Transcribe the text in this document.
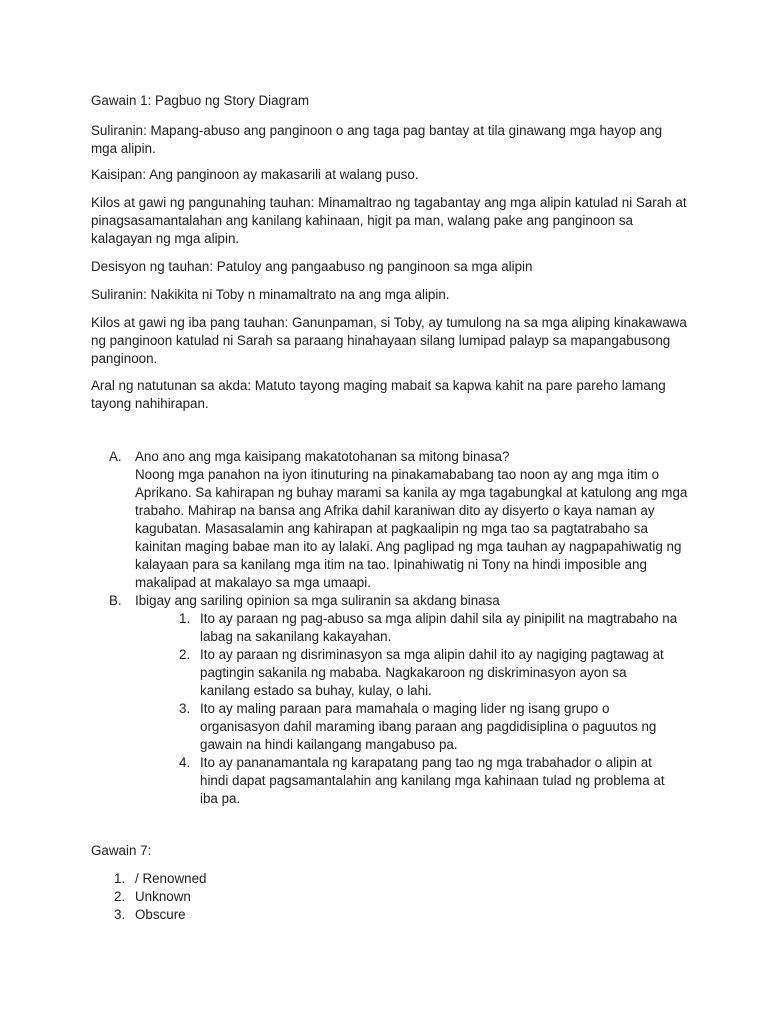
Gawain 1: Pagbuo ng Story Diagram

Suliranin: Mapang-abuso ang panginoon o ang taga pag bantay at tila ginawang mga hayop ang mga alipin.

Kaisipan: Ang panginoon ay makasarili at walang puso.

Kilos at gawi ng pangunahing tauhan: Minamaltrao ng tagabantay ang mga alipin katulad ni Sarah at pinagsasamantalahan ang kanilang kahinaan, higit pa man, walang pake ang panginoon sa kalagayan ng mga alipin.

Desisyon ng tauhan: Patuloy ang pangaabuso ng panginoon sa mga alipin

Suliranin: Nakikita ni Toby n minamaltrato na ang mga alipin.

Kilos at gawi ng iba pang tauhan: Ganunpaman, si Toby, ay tumulong na sa mga aliping kinakawawa ng panginoon katulad ni Sarah sa paraang hinahayaan silang lumipad palayp sa mapangabusong panginoon.

Aral ng natutunan sa akda: Matuto tayong maging mabait sa kapwa kahit na pare pareho lamang tayong nahihirapan.

A. Ano ano ang mga kaisipang makatotohanan sa mitong binasa?
Noong mga panahon na iyon itinuturing na pinakamababang tao noon ay ang mga itim o Aprikano. Sa kahirapan ng buhay marami sa kanila ay mga tagabungkal at katulong ang mga trabaho. Mahirap na bansa ang Afrika dahil karaniwan dito ay disyerto o kaya naman ay kagubatan. Masasalamin ang kahirapan at pagkaalipin ng mga tao sa pagtatrabaho sa kainitan maging babae man ito ay lalaki. Ang paglipad ng mga tauhan ay nagpapahiwatig ng kalayaan para sa kanilang mga itim na tao. Ipinahiwatig ni Tony na hindi imposible ang makalipad at makalayo sa mga umaapi.
B. Ibigay ang sariling opinion sa mga suliranin sa akdang binasa
1. Ito ay paraan ng pag-abuso sa mga alipin dahil sila ay pinipilit na magtrabaho na labag na sakanilang kakayahan.
2. Ito ay paraan ng disriminasyon sa mga alipin dahil ito ay nagiging pagtawag at pagtingin sakanila ng mababa. Nagkakaroon ng diskriminasyon ayon sa kanilang estado sa buhay, kulay, o lahi.
3. Ito ay maling paraan para mamahala o maging lider ng isang grupo o organisasyon dahil maraming ibang paraan ang pagdidisiplina o paguutos ng gawain na hindi kailangang mangabuso pa.
4. Ito ay pananamantala ng karapatang pang tao ng mga trabahador o alipin at hindi dapat pagsamantalahin ang kanilang mga kahinaan tulad ng problema at iba pa.

Gawain 7:

1. / Renowned
2. Unknown
3. Obscure
